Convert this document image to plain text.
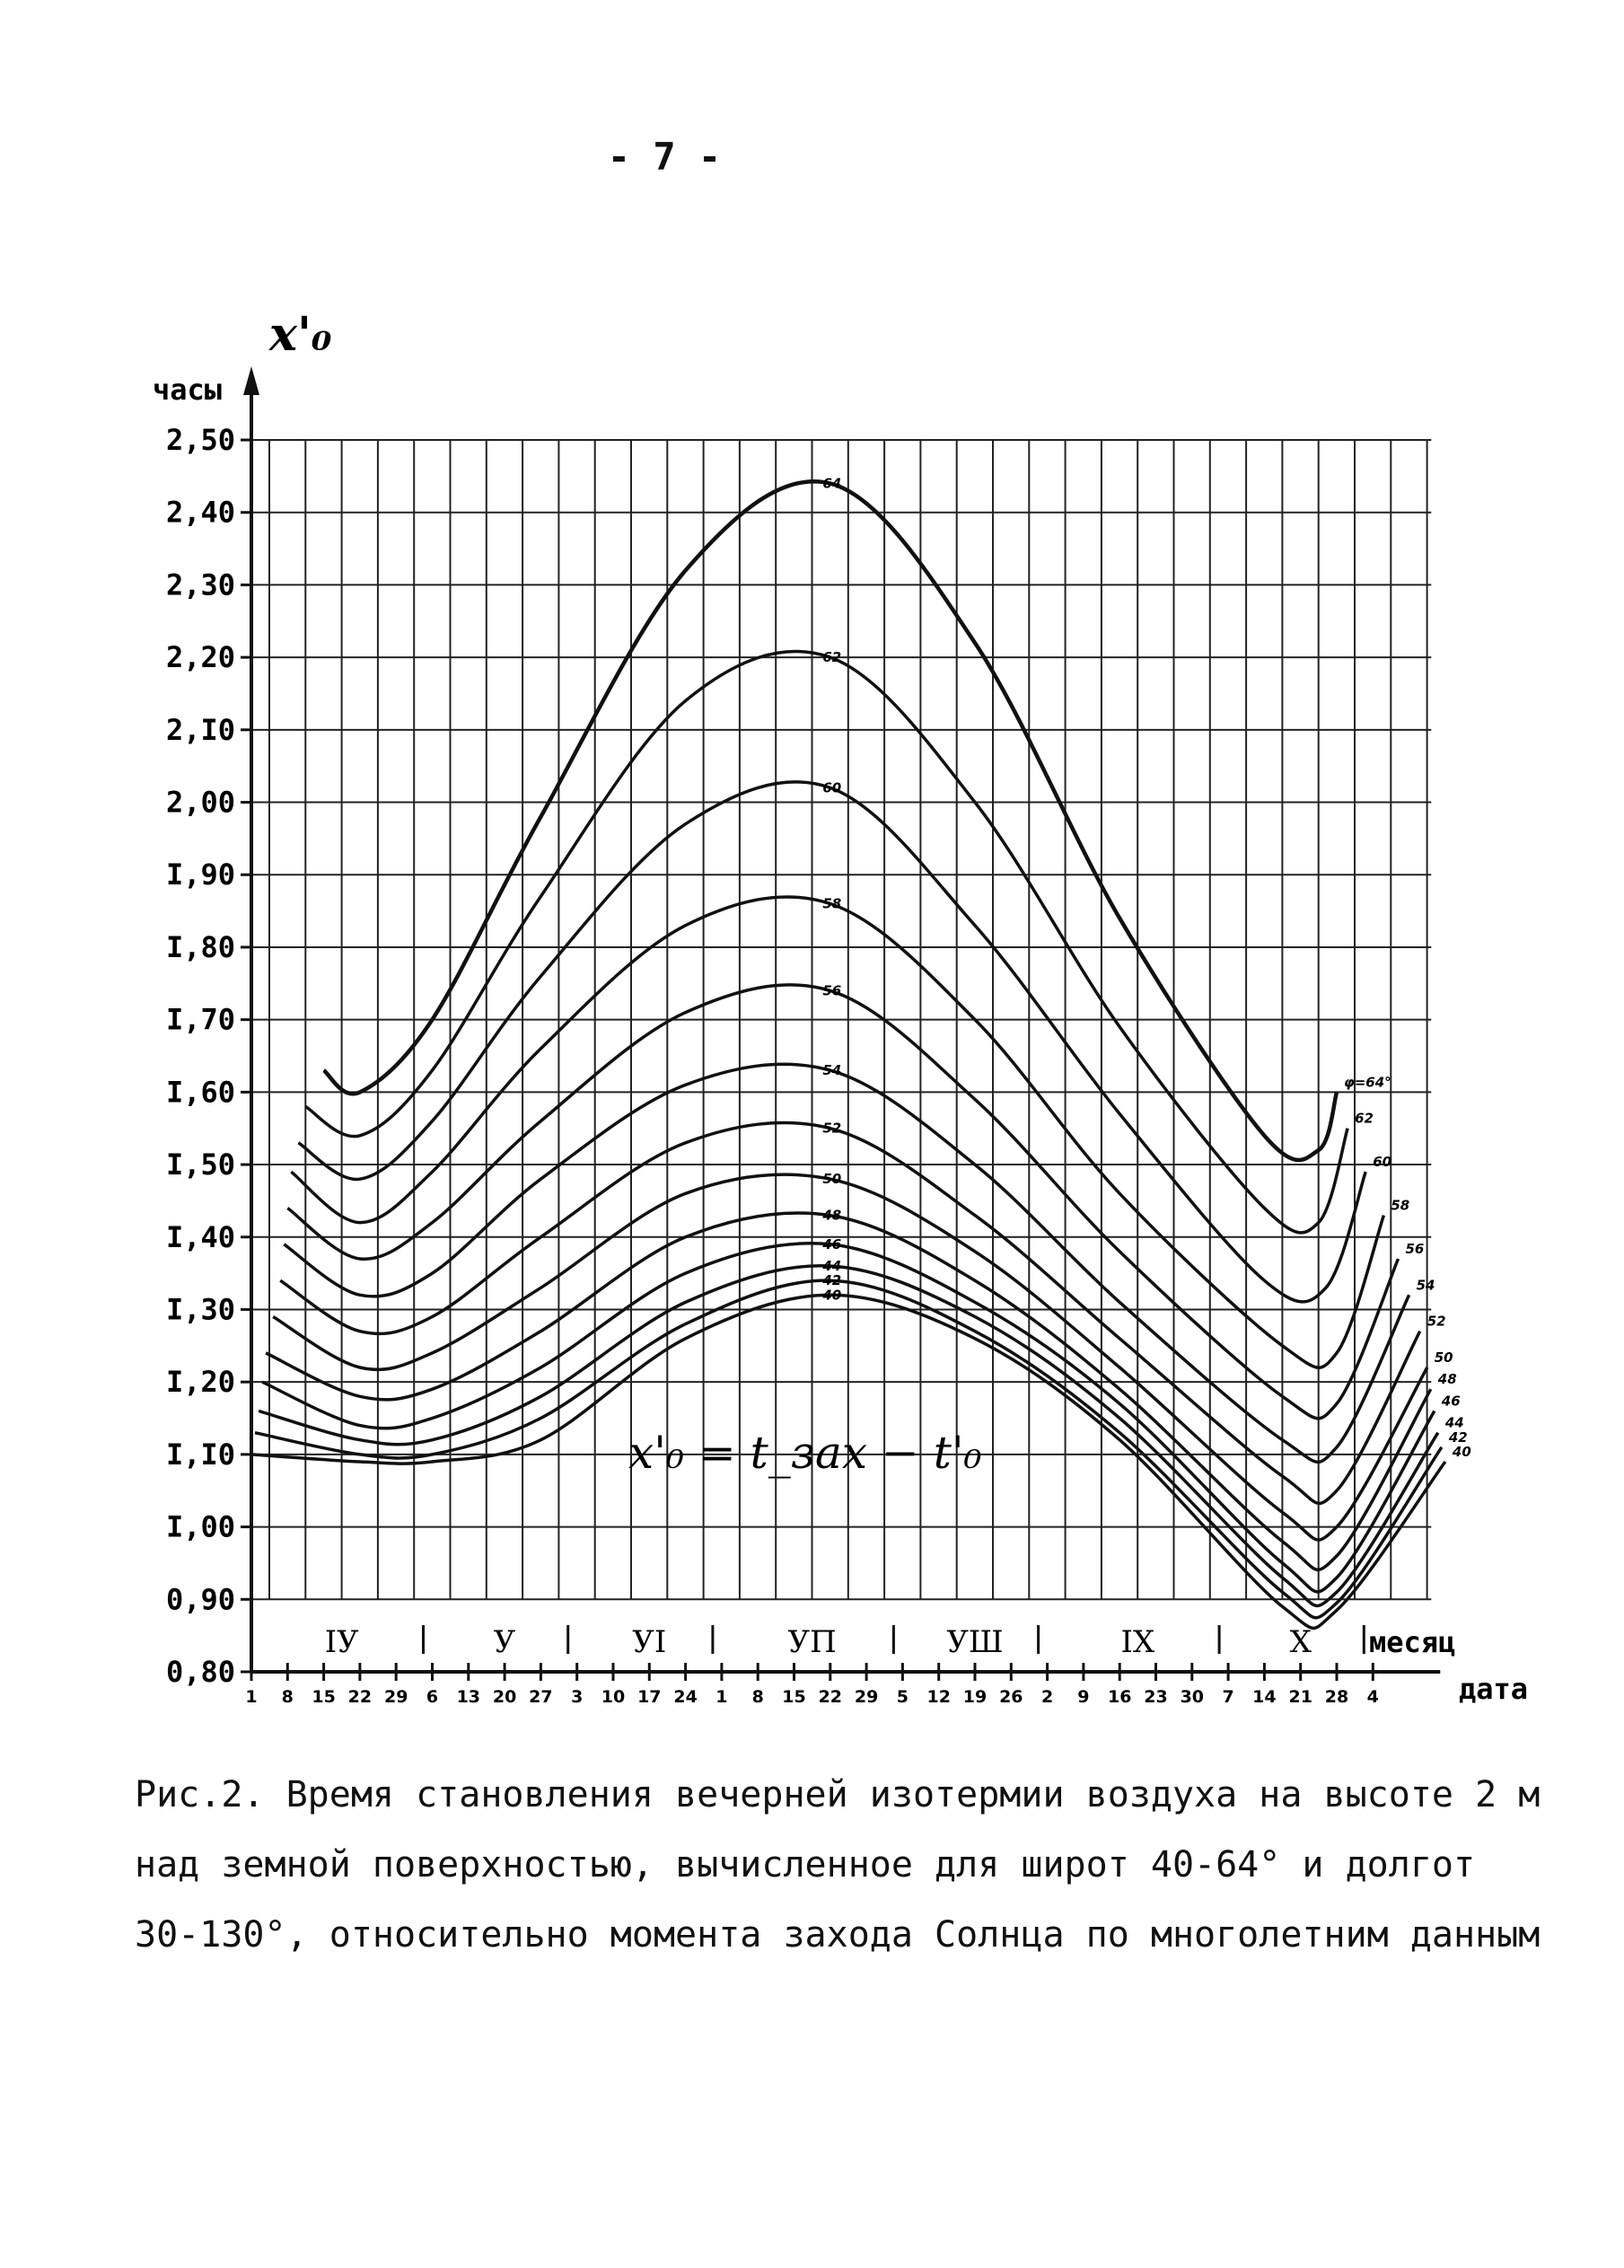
- 7 -
0,80
0,90
I,00
I,I0
I,20
I,30
I,40
I,50
I,60
I,70
I,80
I,90
2,00
2,I0
2,20
2,30
2,40
2,50
x'₀
часы
1 8 15 22 29 6 13 20 27 3 10 17 24 1 8 15 22 29 5 12 19 26 2 9 16 23 30 7 14 21 28 4	дата
IУ	У	УI	УП	УШ	IX	X месяц
64
φ=64°
62
62
60
60
58
58
56
56
54
54
52
52
50
50
48
48
46
46
44
44
42
42
40
40
x'₀ = t_зах − t'₀

Рис.2. Время становления вечерней изотермии воздуха на высоте 2 м

над земной поверхностью, вычисленное для широт 40-64° и долгот

30-130°, относительно момента захода Солнца по многолетним данным
